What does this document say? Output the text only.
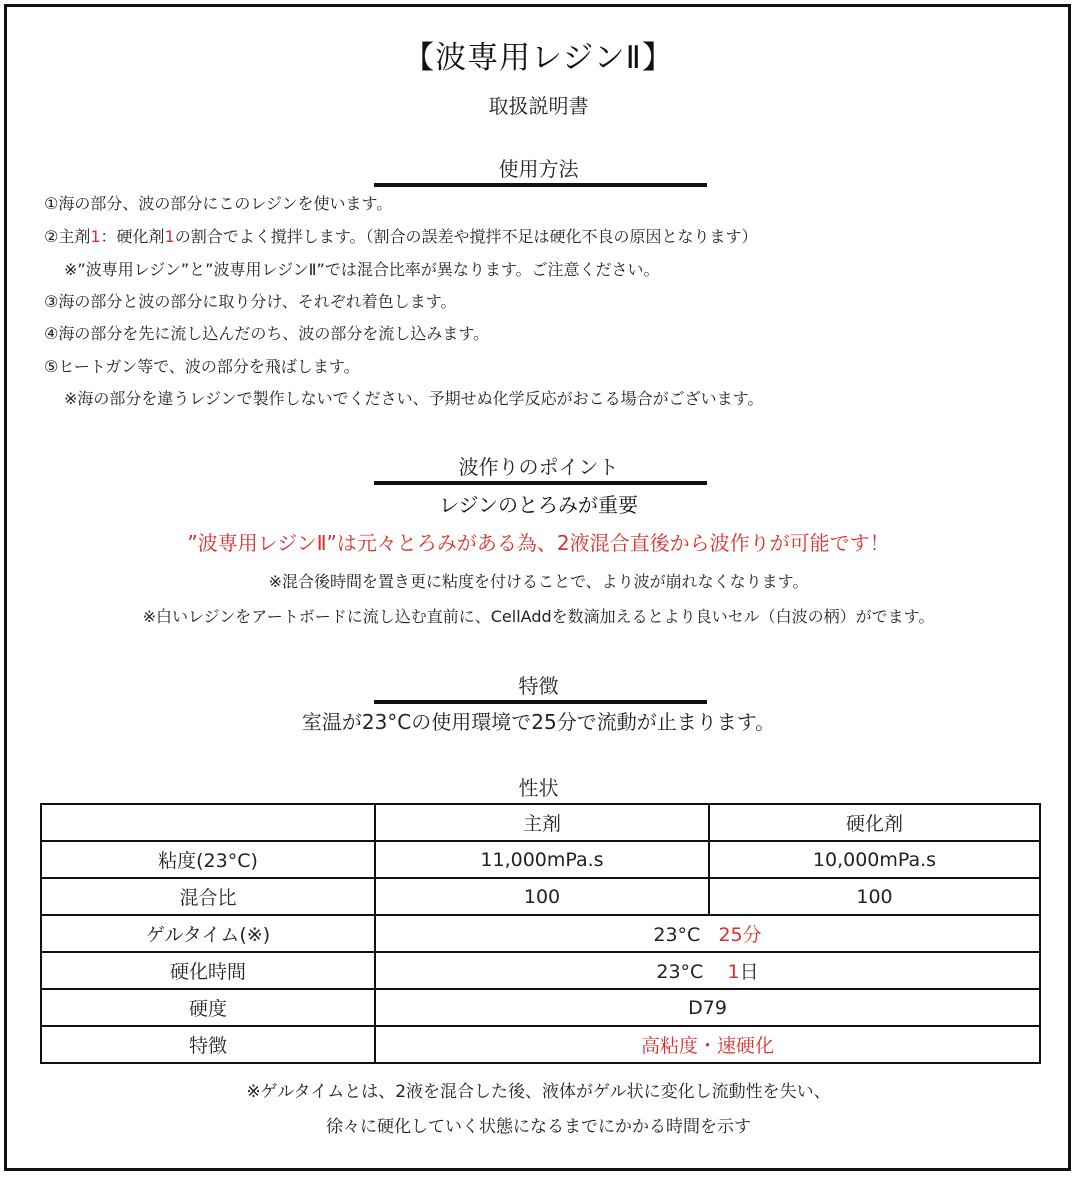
【波専用レジンⅡ】
取扱説明書
使用方法
①海の部分、波の部分にこのレジンを使います。
②主剤1：硬化剤1の割合でよく撹拌します。（割合の誤差や撹拌不足は硬化不良の原因となります）
※”波専用レジン”と”波専用レジンⅡ”では混合比率が異なります。ご注意ください。
③海の部分と波の部分に取り分け、それぞれ着色します。
④海の部分を先に流し込んだのち、波の部分を流し込みます。
⑤ヒートガン等で、波の部分を飛ばします。
※海の部分を違うレジンで製作しないでください、予期せぬ化学反応がおこる場合がございます。
波作りのポイント
レジンのとろみが重要
”波専用レジンⅡ”は元々とろみがある為、2液混合直後から波作りが可能です！
※混合後時間を置き更に粘度を付けることで、より波が崩れなくなります。
※白いレジンをアートボードに流し込む直前に、CellAddを数滴加えるとより良いセル（白波の柄）がでます。
特徴
室温が23°Cの使用環境で25分で流動が止まります。
性状
	主剤	硬化剤
粘度(23°C)	11,000mPa.s	10,000mPa.s
混合比	100	100
ゲルタイム(※)	23°C 25分	
硬化時間	23°C 1日	
硬度	D79	
特徴	高粘度・速硬化	
※ゲルタイムとは、2液を混合した後、液体がゲル状に変化し流動性を失い、
徐々に硬化していく状態になるまでにかかる時間を示す
